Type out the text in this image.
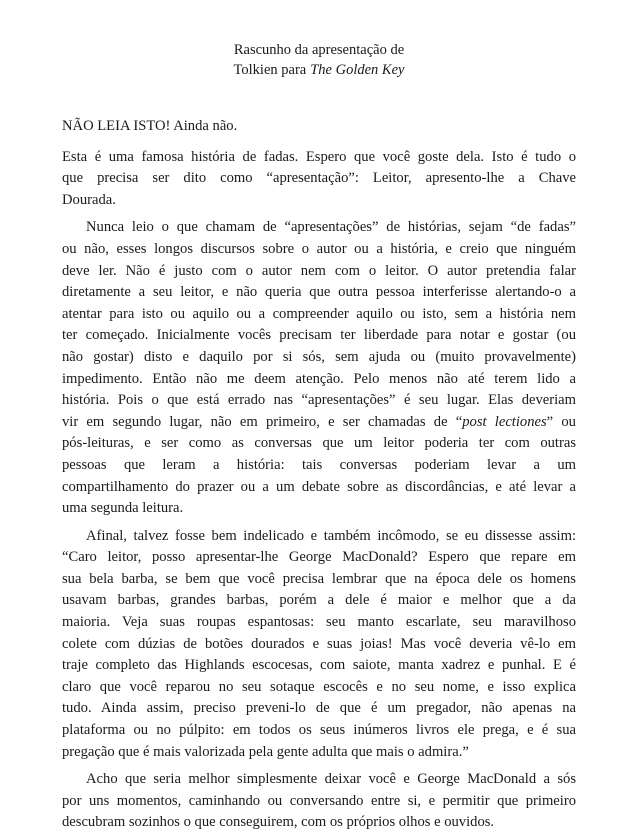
Rascunho da apresentação de
Tolkien para The Golden Key
NÃO LEIA ISTO! Ainda não.
Esta é uma famosa história de fadas. Espero que você goste dela. Isto é tudo o
que precisa ser dito como “apresentação”: Leitor, apresento-lhe a Chave
Dourada.
Nunca leio o que chamam de “apresentações” de histórias, sejam “de fadas”
ou não, esses longos discursos sobre o autor ou a história, e creio que ninguém
deve ler. Não é justo com o autor nem com o leitor. O autor pretendia falar
diretamente a seu leitor, e não queria que outra pessoa interferisse alertando-o a
atentar para isto ou aquilo ou a compreender aquilo ou isto, sem a história nem
ter começado. Inicialmente vocês precisam ter liberdade para notar e gostar (ou
não gostar) disto e daquilo por si sós, sem ajuda ou (muito provavelmente)
impedimento. Então não me deem atenção. Pelo menos não até terem lido a
história. Pois o que está errado nas “apresentações” é seu lugar. Elas deveriam
vir em segundo lugar, não em primeiro, e ser chamadas de “post lectiones” ou
pós-leituras, e ser como as conversas que um leitor poderia ter com outras
pessoas que leram a história: tais conversas poderiam levar a um
compartilhamento do prazer ou a um debate sobre as discordâncias, e até levar a
uma segunda leitura.
Afinal, talvez fosse bem indelicado e também incômodo, se eu dissesse assim:
“Caro leitor, posso apresentar-lhe George MacDonald? Espero que repare em
sua bela barba, se bem que você precisa lembrar que na época dele os homens
usavam barbas, grandes barbas, porém a dele é maior e melhor que a da
maioria. Veja suas roupas espantosas: seu manto escarlate, seu maravilhoso
colete com dúzias de botões dourados e suas joias! Mas você deveria vê-lo em
traje completo das Highlands escocesas, com saiote, manta xadrez e punhal. E é
claro que você reparou no seu sotaque escocês e no seu nome, e isso explica
tudo. Ainda assim, preciso preveni-lo de que é um pregador, não apenas na
plataforma ou no púlpito: em todos os seus inúmeros livros ele prega, e é sua
pregação que é mais valorizada pela gente adulta que mais o admira.”
Acho que seria melhor simplesmente deixar você e George MacDonald a sós
por uns momentos, caminhando ou conversando entre si, e permitir que primeiro
descubram sozinhos o que conseguirem, com os próprios olhos e ouvidos.
